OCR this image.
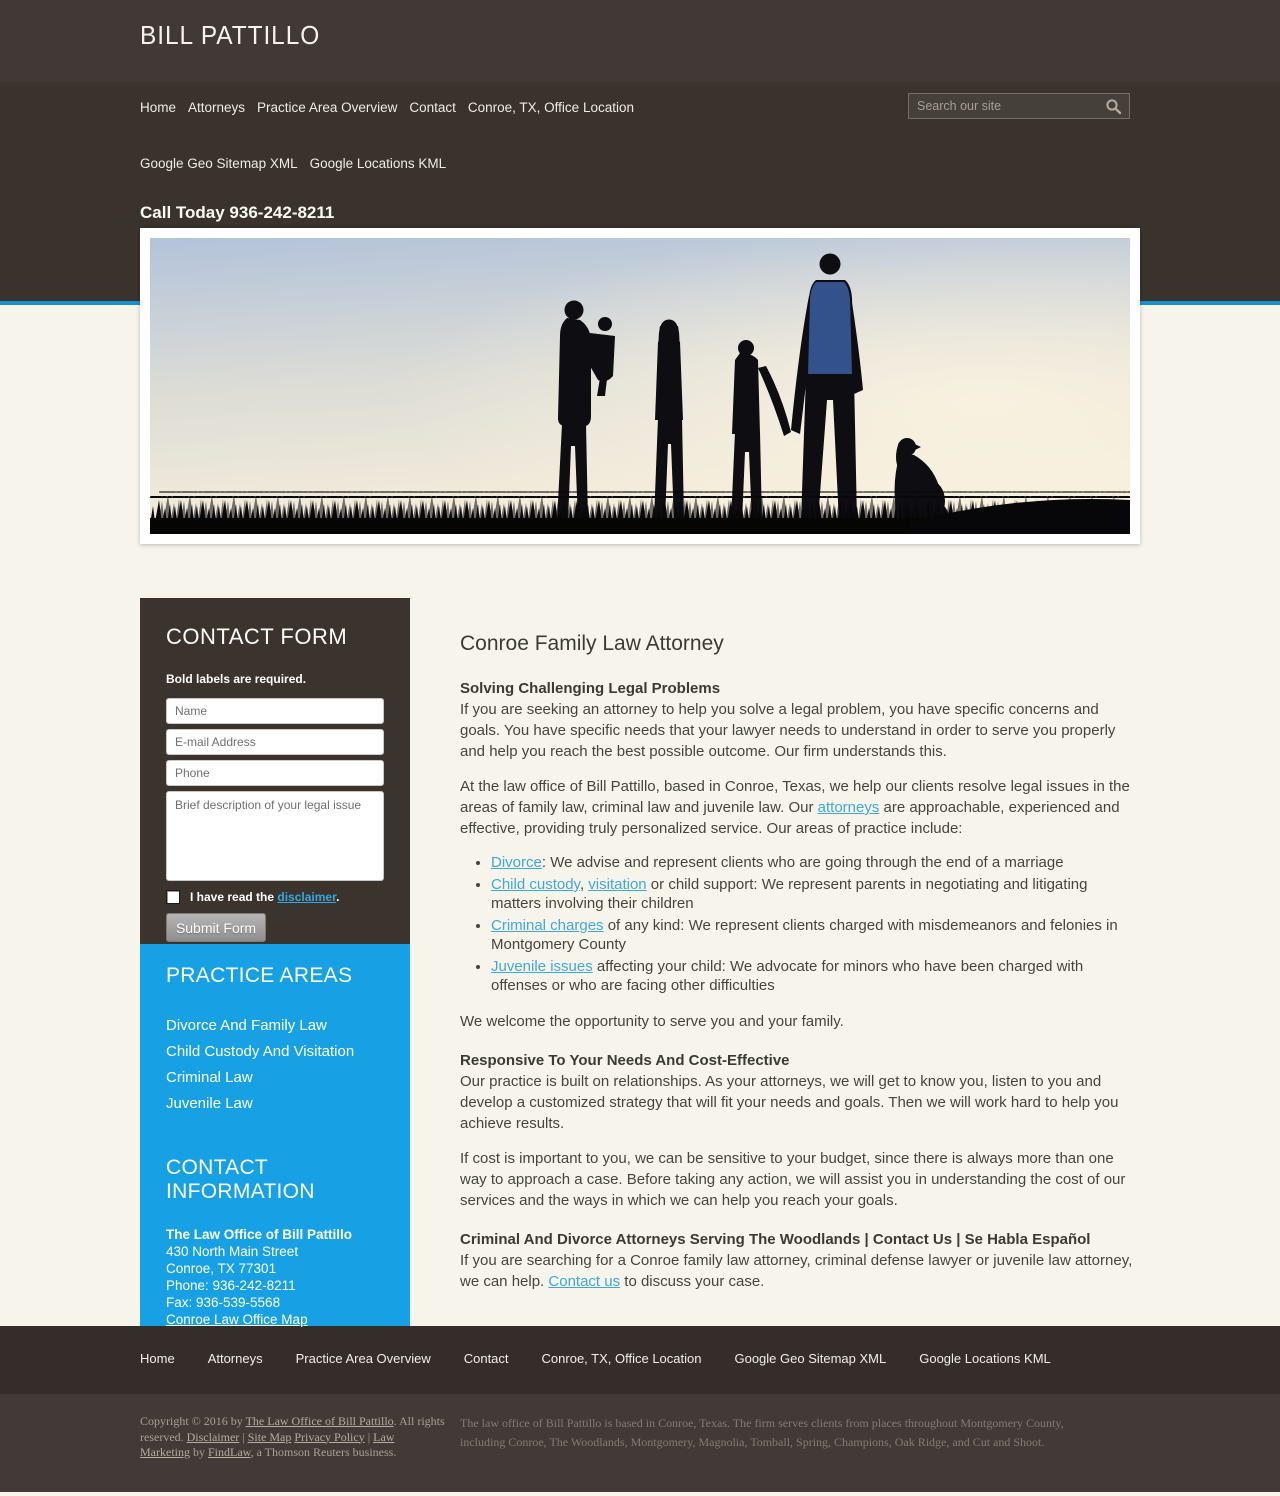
BILL PATTILLO
Home Attorneys Practice Area Overview Contact Conroe, TX, Office Location
Google Geo Sitemap XML Google Locations KML
Search our site
Call Today 936-242-8211
CONTACT FORM
Bold labels are required.
Name
E-mail Address
Phone
Brief description of your legal issue
I have read the disclaimer.
Submit Form
PRACTICE AREAS
Divorce And Family Law
Child Custody And Visitation
Criminal Law
Juvenile Law
CONTACT INFORMATION
The Law Office of Bill Pattillo
430 North Main Street
Conroe, TX 77301
Phone: 936-242-8211
Fax: 936-539-5568
Conroe Law Office Map
Conroe Family Law Attorney
Solving Challenging Legal Problems

If you are seeking an attorney to help you solve a legal problem, you have specific concerns and goals. You have specific needs that your lawyer needs to understand in order to serve you properly and help you reach the best possible outcome. Our firm understands this.

At the law office of Bill Pattillo, based in Conroe, Texas, we help our clients resolve legal issues in the areas of family law, criminal law and juvenile law. Our attorneys are approachable, experienced and effective, providing truly personalized service. Our areas of practice include:

• Divorce: We advise and represent clients who are going through the end of a marriage
• Child custody, visitation or child support: We represent parents in negotiating and litigating matters involving their children
• Criminal charges of any kind: We represent clients charged with misdemeanors and felonies in Montgomery County
• Juvenile issues affecting your child: We advocate for minors who have been charged with offenses or who are facing other difficulties

We welcome the opportunity to serve you and your family.

Responsive To Your Needs And Cost-Effective

Our practice is built on relationships. As your attorneys, we will get to know you, listen to you and develop a customized strategy that will fit your needs and goals. Then we will work hard to help you achieve results.

If cost is important to you, we can be sensitive to your budget, since there is always more than one way to approach a case. Before taking any action, we will assist you in understanding the cost of our services and the ways in which we can help you reach your goals.

Criminal And Divorce Attorneys Serving The Woodlands | Contact Us | Se Habla Español

If you are searching for a Conroe family law attorney, criminal defense lawyer or juvenile law attorney, we can help. Contact us to discuss your case.

Home	Attorneys	Practice Area Overview	Contact	Conroe, TX, Office Location	Google Geo Sitemap XML	Google Locations KML
Copyright © 2016 by The Law Office of Bill Pattillo. All rights reserved. Disclaimer | Site Map Privacy Policy | Law Marketing by FindLaw, a Thomson Reuters business.
The law office of Bill Pattillo is based in Conroe, Texas. The firm serves clients from places throughout Montgomery County, including Conroe, The Woodlands, Montgomery, Magnolia, Tomball, Spring, Champions, Oak Ridge, and Cut and Shoot.
